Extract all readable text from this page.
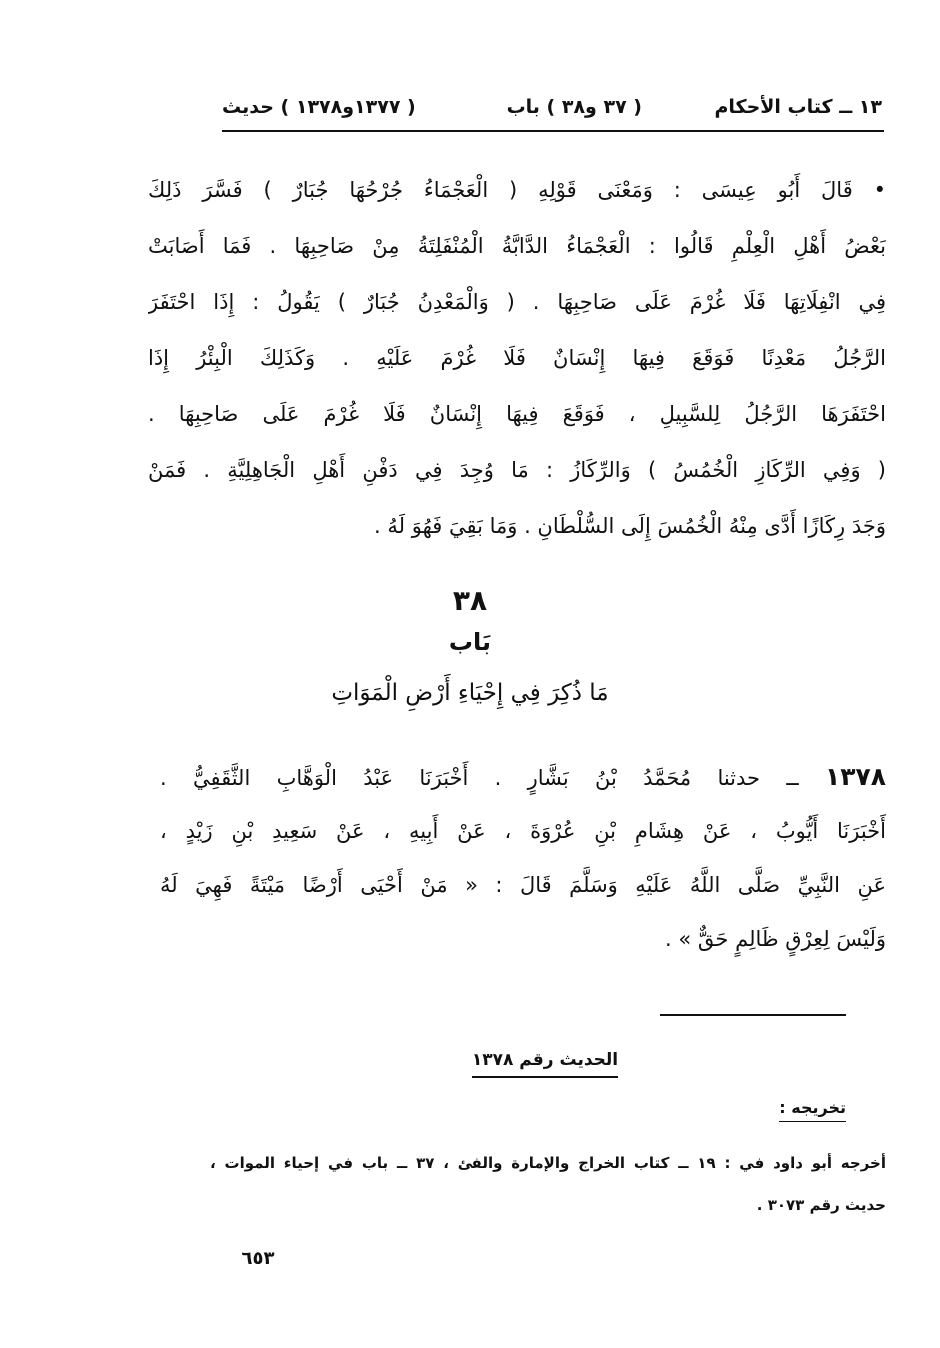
١٣ ــ كتاب الأحكام
( ٣٧ و٣٨ ) باب
( ١٣٧٧و١٣٧٨ ) حديث
• قَالَ أَبُو عِيسَى : وَمَعْنَى قَوْلِهِ ( الْعَجْمَاءُ جُرْحُهَا جُبَارٌ ) فَسَّرَ ذَلِكَ
بَعْضُ أَهْلِ الْعِلْمِ قَالُوا : الْعَجْمَاءُ الدَّابَّةُ الْمُنْفَلِتَةُ مِنْ صَاحِبِهَا . فَمَا أَصَابَتْ
فِي انْفِلَاتِهَا فَلَا غُرْمَ عَلَى صَاحِبِهَا . ( وَالْمَعْدِنُ جُبَارٌ ) يَقُولُ : إِذَا احْتَفَرَ
الرَّجُلُ مَعْدِنًا فَوَقَعَ فِيهَا إِنْسَانٌ فَلَا غُرْمَ عَلَيْهِ . وَكَذَلِكَ الْبِئْرُ إِذَا
احْتَفَرَهَا الرَّجُلُ لِلسَّبِيلِ ، فَوَقَعَ فِيهَا إِنْسَانٌ فَلَا غُرْمَ عَلَى صَاحِبِهَا .
( وَفِي الرِّكَازِ الْخُمُسُ ) وَالرِّكَازُ : مَا وُجِدَ فِي دَفْنِ أَهْلِ الْجَاهِلِيَّةِ . فَمَنْ
وَجَدَ رِكَازًا أَدَّى مِنْهُ الْخُمُسَ إِلَى السُّلْطَانِ . وَمَا بَقِيَ فَهُوَ لَهُ .
٣٨
بَاب
مَا ذُكِرَ فِي إِحْيَاءِ أَرْضِ الْمَوَاتِ
١٣٧٨ ــ حدثنا مُحَمَّدُ بْنُ بَشَّارٍ . أَخْبَرَنَا عَبْدُ الْوَهَّابِ الثَّقَفِيُّ .
أَخْبَرَنَا أَيُّوبُ ، عَنْ هِشَامِ بْنِ عُرْوَةَ ، عَنْ أَبِيهِ ، عَنْ سَعِيدِ بْنِ زَيْدٍ ،
عَنِ النَّبِيِّ صَلَّى اللَّهُ عَلَيْهِ وَسَلَّمَ قَالَ : « مَنْ أَحْيَى أَرْضًا مَيْتَةً فَهِيَ لَهُ
وَلَيْسَ لِعِرْقٍ ظَالِمٍ حَقٌّ » .
الحديث رقم ١٣٧٨
تخريجه :
أخرجه أبو داود في : ١٩ ــ كتاب الخراج والإمارة والفئ ، ٣٧ ــ باب في إحياء الموات ،
حديث رقم ٣٠٧٣ .
٦٥٣
